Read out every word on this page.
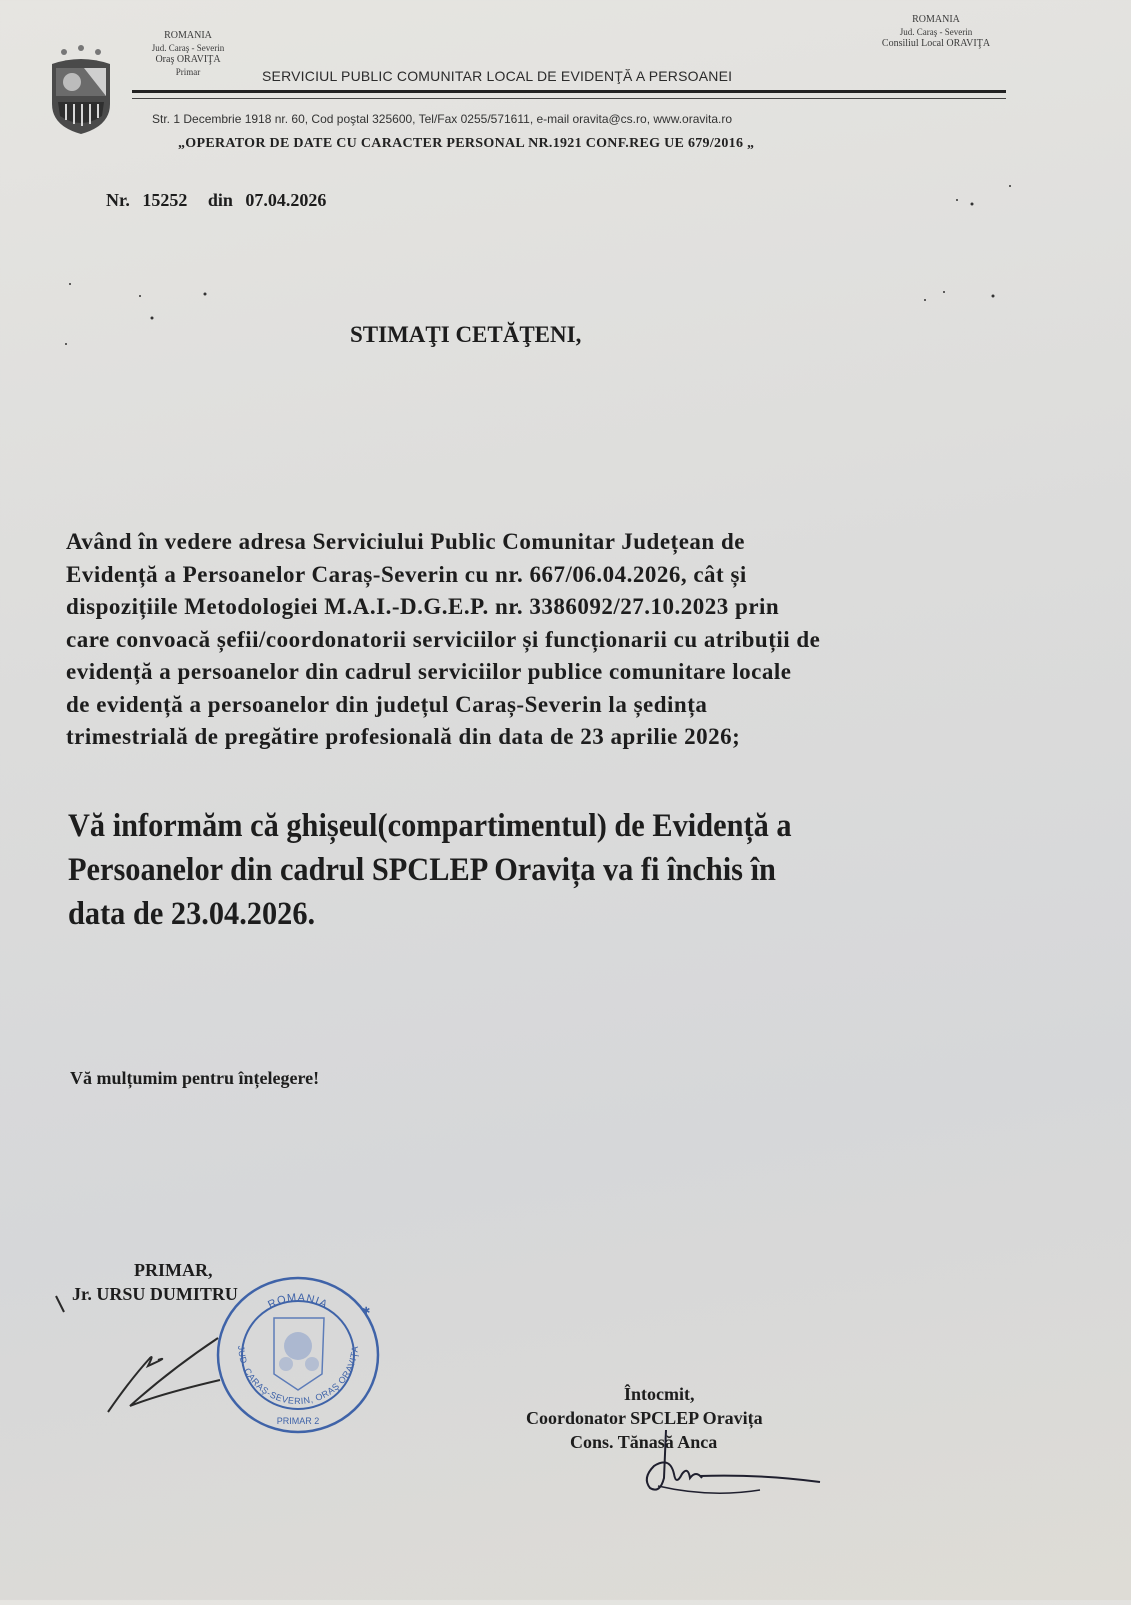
ROMANIA
Jud. Caraş - Severin
Oraş ORAVIŢA
Primar
ROMANIA
Jud. Caraş - Severin
Consiliul Local ORAVIŢA
SERVICIUL PUBLIC COMUNITAR LOCAL DE EVIDENŢĂ A PERSOANEI
Str. 1 Decembrie 1918 nr. 60, Cod poştal 325600, Tel/Fax 0255/571611, e-mail oravita@cs.ro, www.oravita.ro
„OPERATOR DE DATE CU CARACTER PERSONAL NR.1921 CONF.REG UE 679/2016 „
Nr. 15252 din 07.04.2026
STIMAŢI CETĂŢENI,
Având în vedere adresa Serviciului Public Comunitar Județean de
Evidență a Persoanelor Caraș-Severin cu nr. 667/06.04.2026, cât și
dispozițiile Metodologiei M.A.I.-D.G.E.P. nr. 3386092/27.10.2023 prin
care convoacă șefii/coordonatorii serviciilor și funcționarii cu atribuții de
evidență a persoanelor din cadrul serviciilor publice comunitare locale
de evidență a persoanelor din județul Caraș-Severin la ședința
trimestrială de pregătire profesională din data de 23 aprilie 2026;
Vă informăm că ghișeul(compartimentul) de Evidență a
Persoanelor din cadrul SPCLEP Oravița va fi închis în
data de 23.04.2026.
Vă mulțumim pentru înțelegere!
PRIMAR,
Jr. URSU DUMITRU	ROMANIA
JUD. CARAŞ-SEVERIN, ORAŞ ORAVIŢA
PRIMAR 2
✱
Întocmit,
Coordonator SPCLEP Oravița
Cons. Tănasă Anca
